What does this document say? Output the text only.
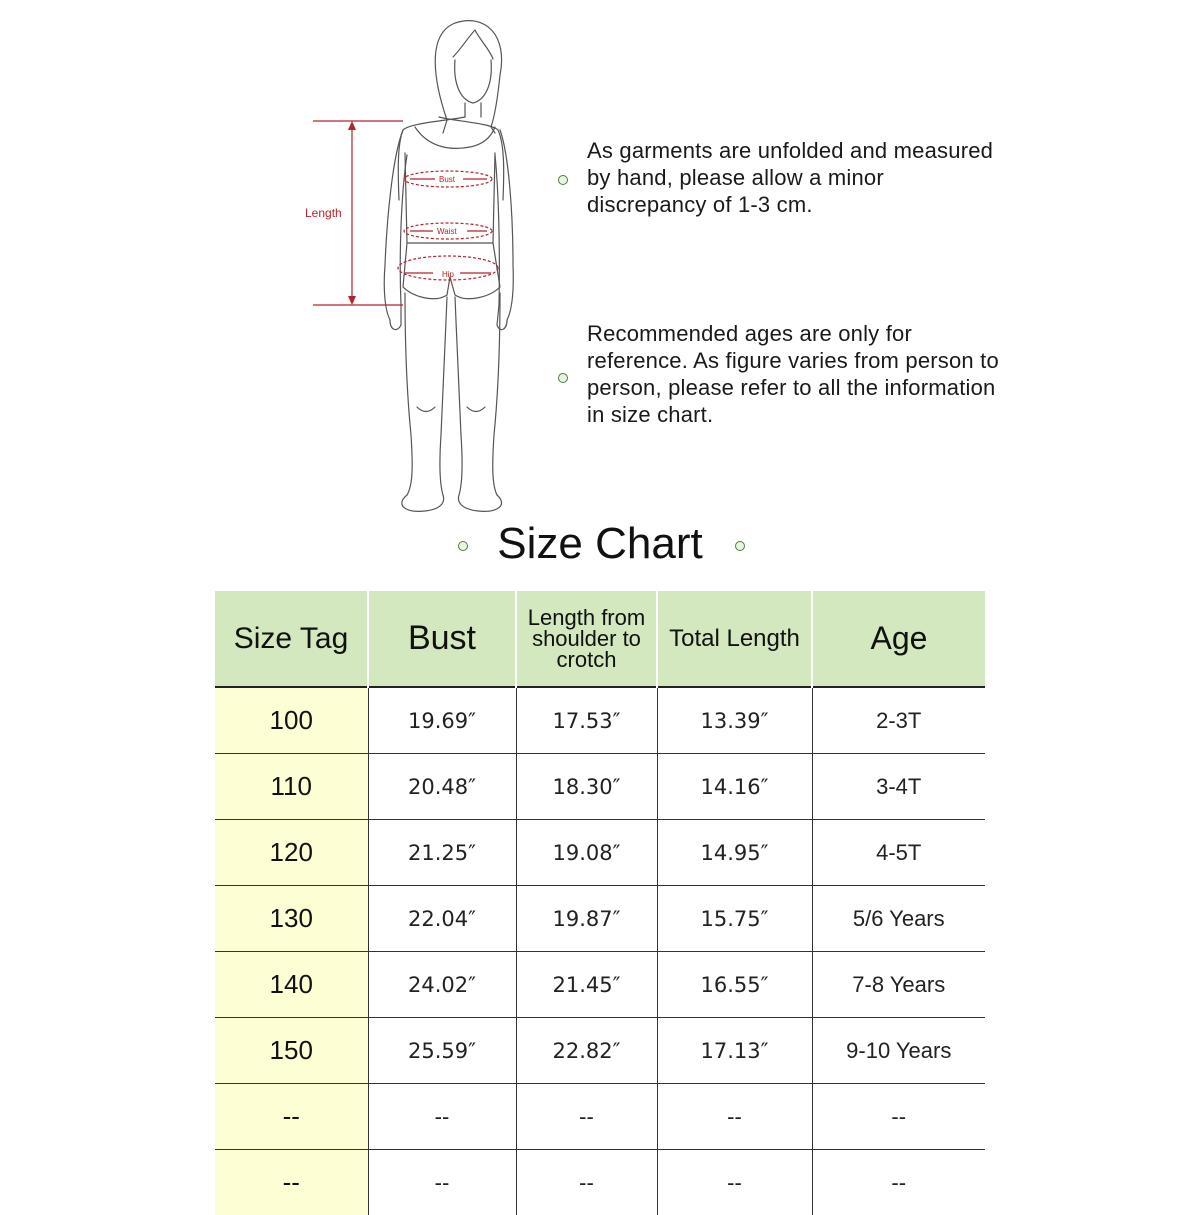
Length
Bust
Waist
Hip
As garments are unfolded and measured by hand, please allow a minor discrepancy of 1-3 cm.
Recommended ages are only for reference. As figure varies from person to person, please refer to all the information in size chart.
Size Chart
Size Tag	Bust	Length from shoulder to crotch	Total Length	Age
100	19.69″	17.53″	13.39″	2-3T
110	20.48″	18.30″	14.16″	3-4T
120	21.25″	19.08″	14.95″	4-5T
130	22.04″	19.87″	15.75″	5/6 Years
140	24.02″	21.45″	16.55″	7-8 Years
150	25.59″	22.82″	17.13″	9-10 Years
--	--	--	--	--
--	--	--	--	--
